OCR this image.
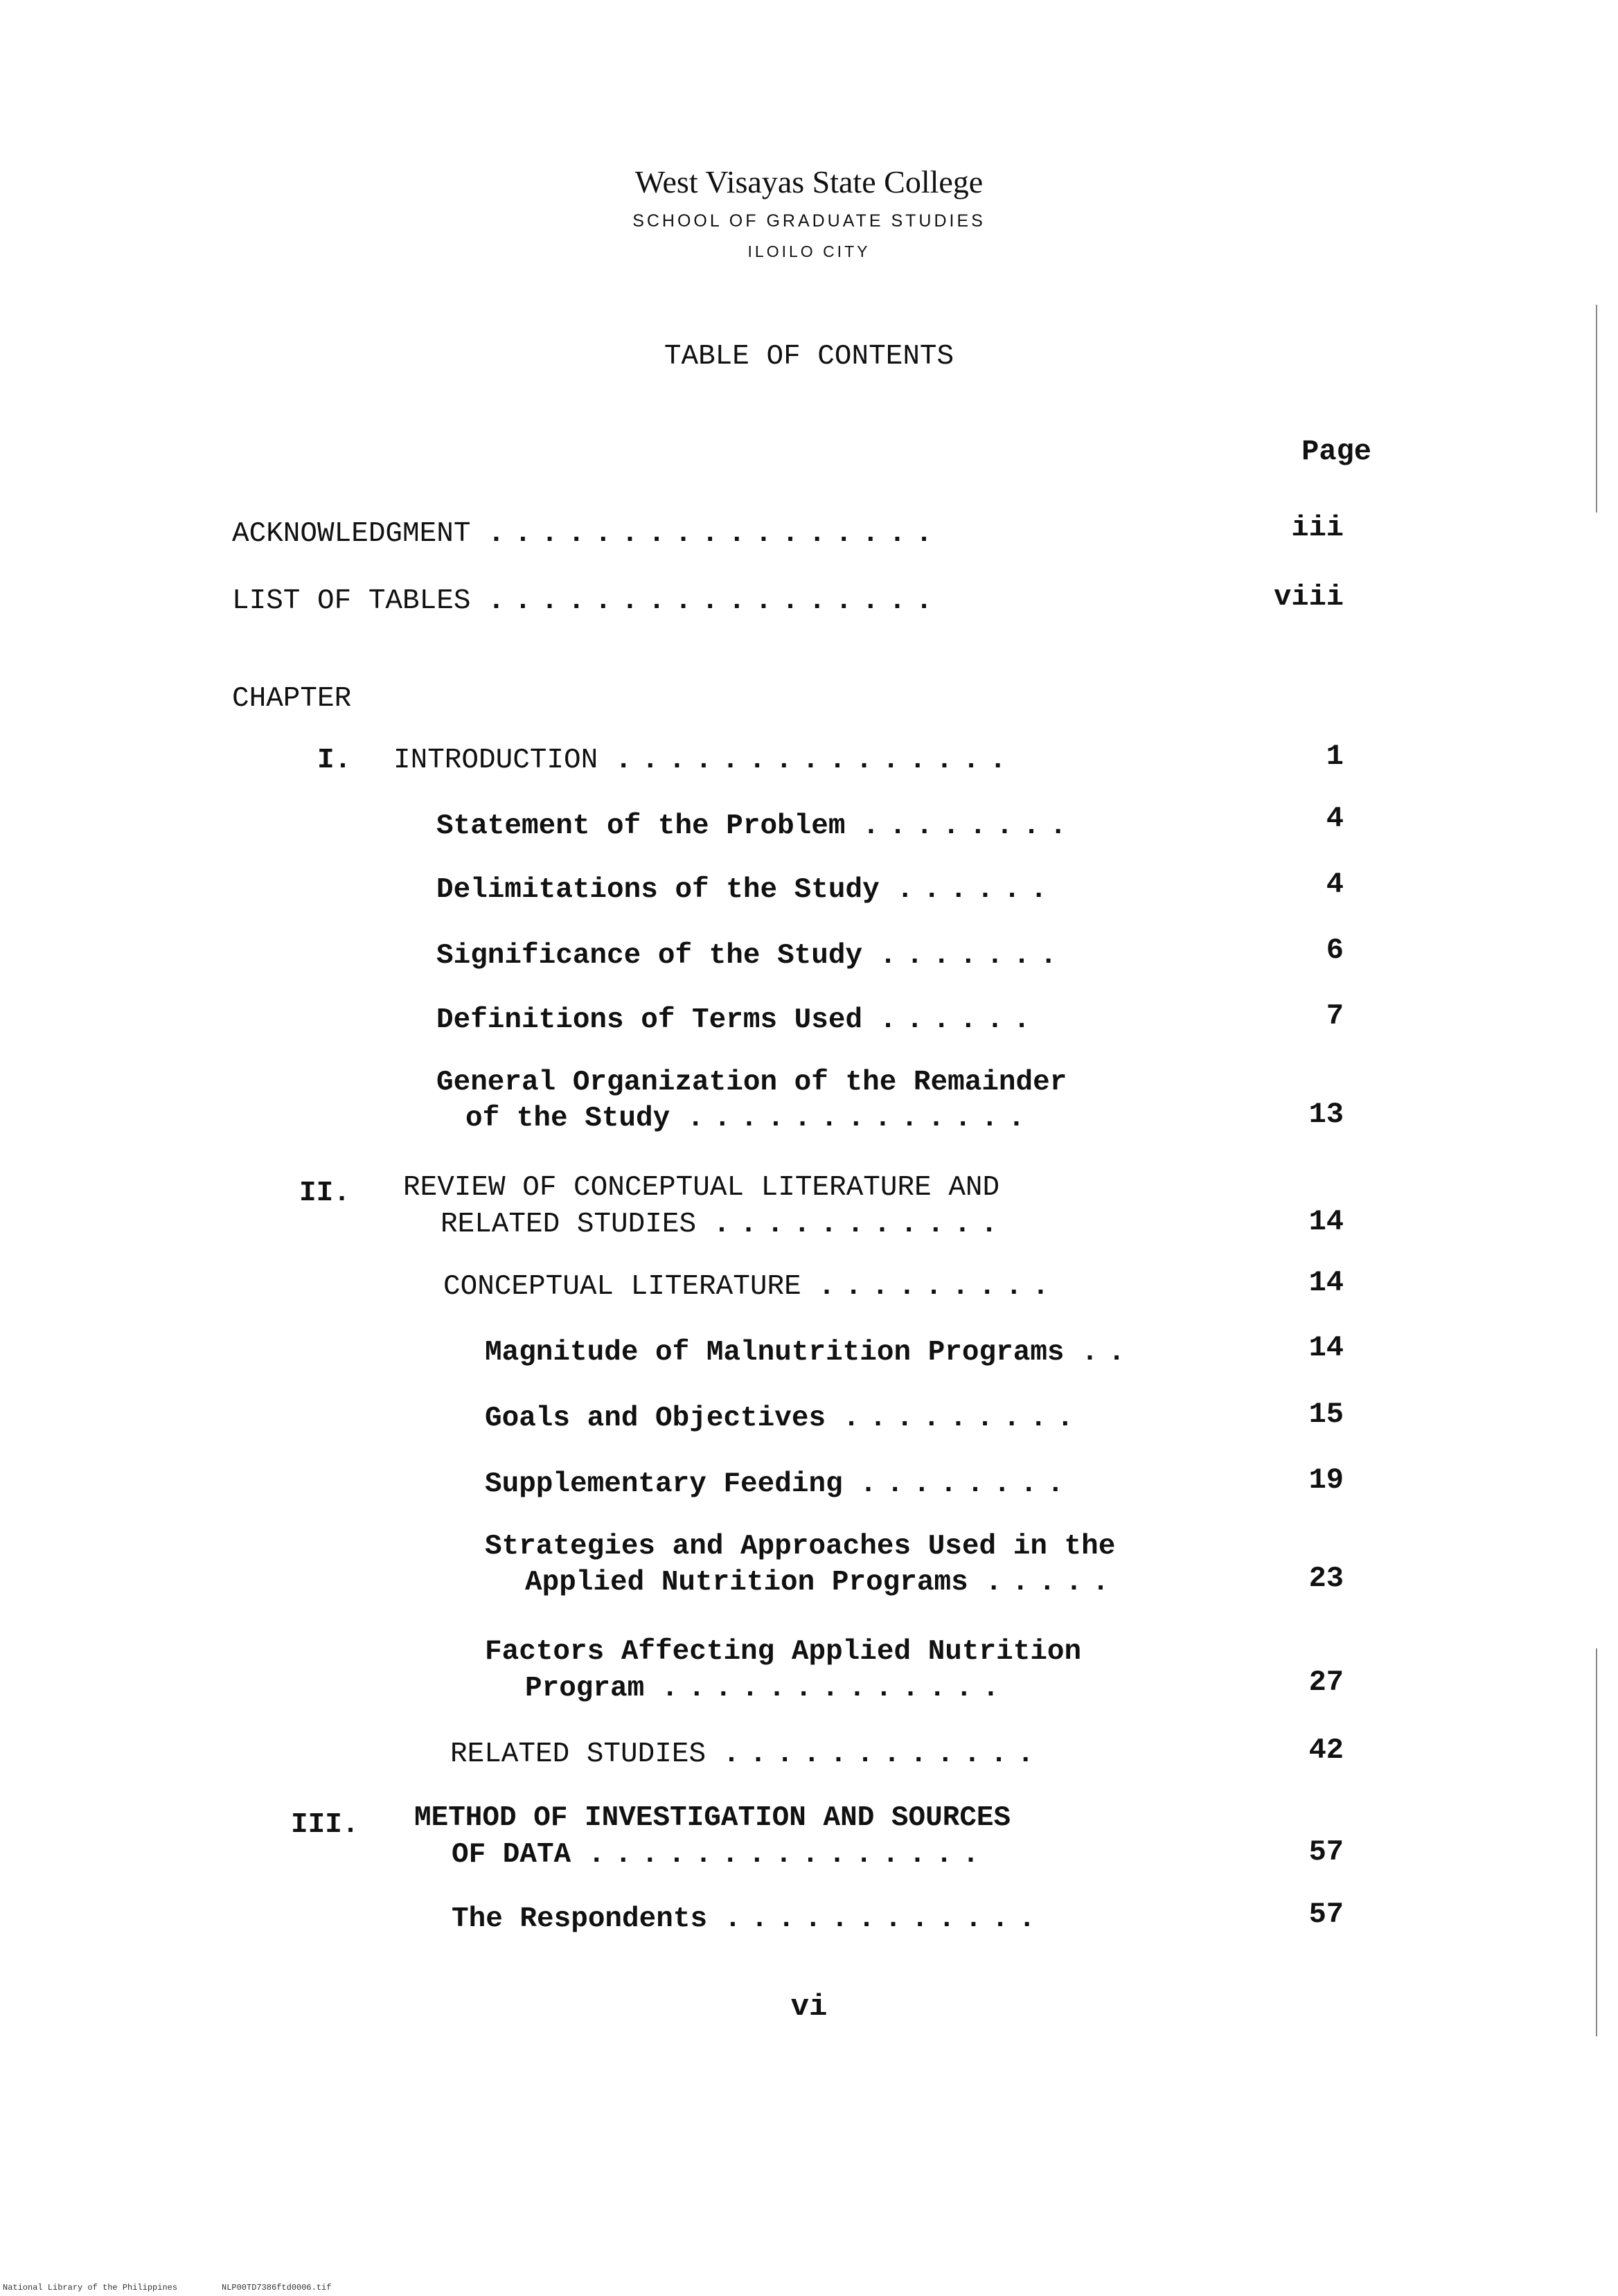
West Visayas State College
SCHOOL OF GRADUATE STUDIES
ILOILO CITY
TABLE OF CONTENTS
Page
ACKNOWLEDGMENT .................	iii
LIST OF TABLES .................	viii
CHAPTER
I. INTRODUCTION ...............	1
Statement of the Problem ........	4
Delimitations of the Study ......	4
Significance of the Study .......	6
Definitions of Terms Used ......	7
General Organization of the Remainder
of the Study .............	13
II. REVIEW OF CONCEPTUAL LITERATURE AND
RELATED STUDIES ...........	14
CONCEPTUAL LITERATURE .........	14
Magnitude of Malnutrition Programs ..	14
Goals and Objectives .........	15
Supplementary Feeding ........	19
Strategies and Approaches Used in the
Applied Nutrition Programs .....	23
Factors Affecting Applied Nutrition
Program .............	27
RELATED STUDIES ............	42
III. METHOD OF INVESTIGATION AND SOURCES
OF DATA ...............	57
The Respondents ............	57
vi
National Library of the Philippines	NLP00TD7386ftd0006.tif
